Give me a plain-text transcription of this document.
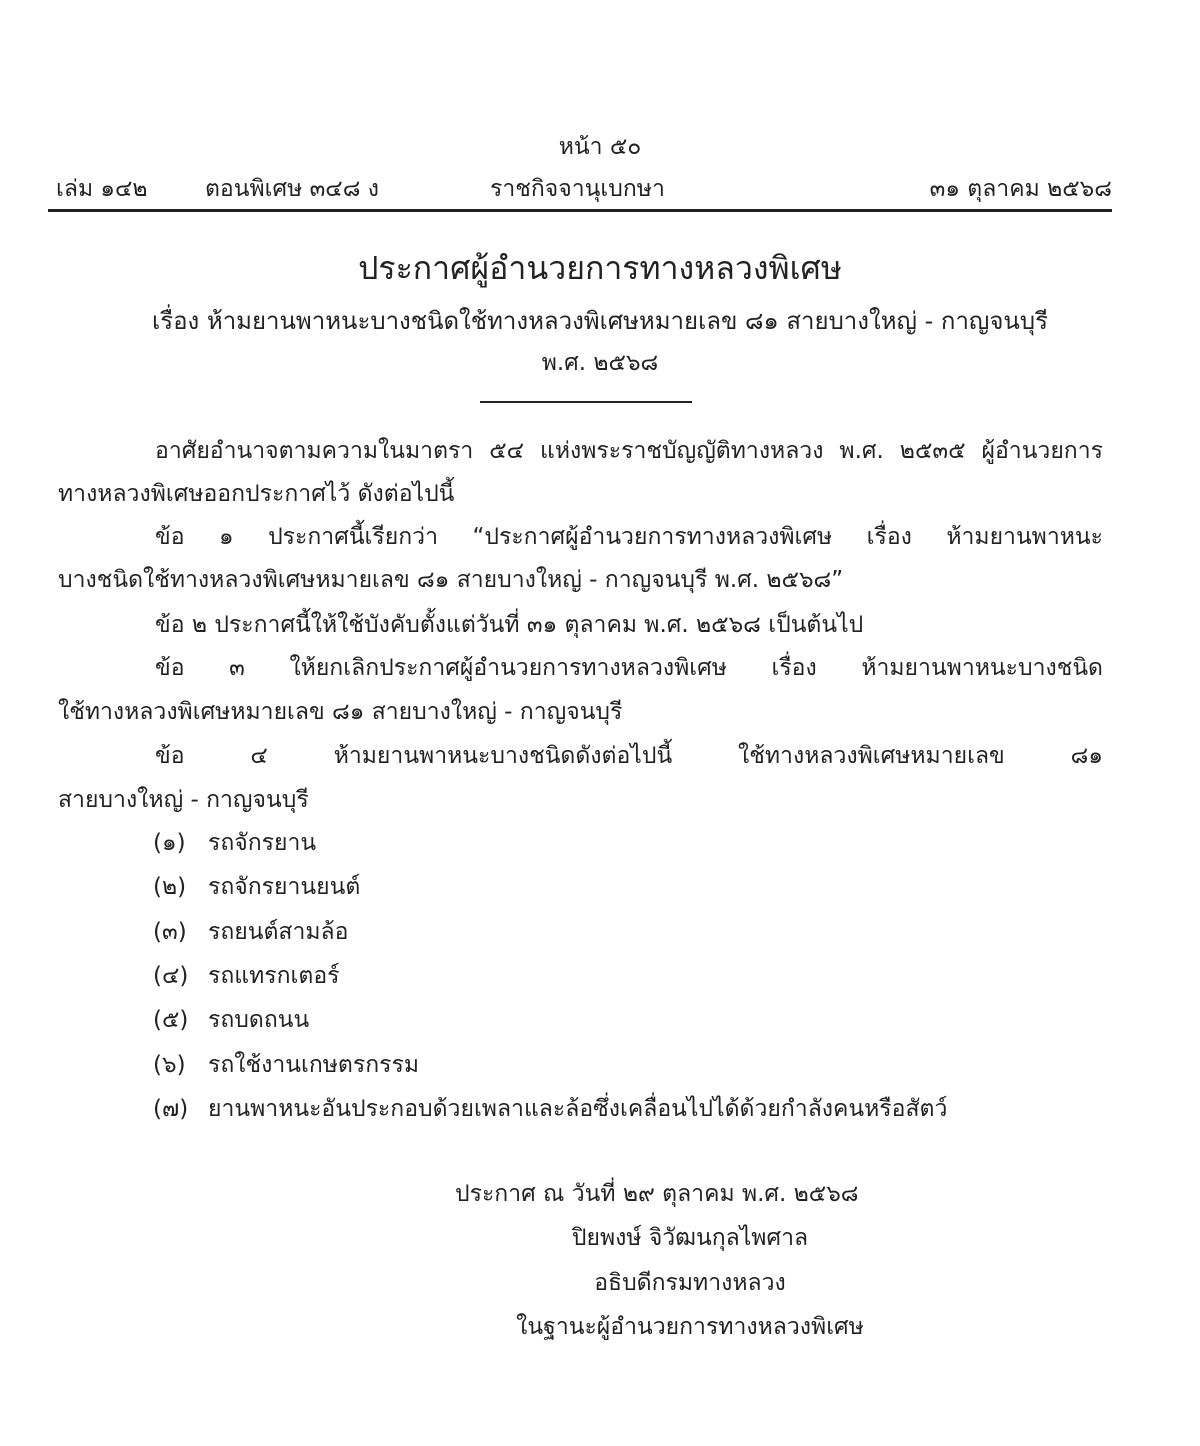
หน้า ๕๐
เล่ม ๑๔๒ ตอนพิเศษ ๓๔๘ ง	ราชกิจจานุเบกษา	๓๑ ตุลาคม ๒๕๖๘
ประกาศผู้อำนวยการทางหลวงพิเศษ
เรื่อง ห้ามยานพาหนะบางชนิดใช้ทางหลวงพิเศษหมายเลข ๘๑ สายบางใหญ่ - กาญจนบุรี
พ.ศ. ๒๕๖๘
อาศัยอำนาจตามความในมาตรา ๕๔ แห่งพระราชบัญญัติทางหลวง พ.ศ. ๒๕๓๕ ผู้อำนวยการ
ทางหลวงพิเศษออกประกาศไว้ ดังต่อไปนี้
ข้อ ๑ ประกาศนี้เรียกว่า “ประกาศผู้อำนวยการทางหลวงพิเศษ เรื่อง ห้ามยานพาหนะ
บางชนิดใช้ทางหลวงพิเศษหมายเลข ๘๑ สายบางใหญ่ - กาญจนบุรี พ.ศ. ๒๕๖๘”
ข้อ ๒ ประกาศนี้ให้ใช้บังคับตั้งแต่วันที่ ๓๑ ตุลาคม พ.ศ. ๒๕๖๘ เป็นต้นไป
ข้อ ๓ ให้ยกเลิกประกาศผู้อำนวยการทางหลวงพิเศษ เรื่อง ห้ามยานพาหนะบางชนิด
ใช้ทางหลวงพิเศษหมายเลข ๘๑ สายบางใหญ่ - กาญจนบุรี
ข้อ ๔ ห้ามยานพาหนะบางชนิดดังต่อไปนี้ ใช้ทางหลวงพิเศษหมายเลข ๘๑
สายบางใหญ่ - กาญจนบุรี
(๑) รถจักรยาน
(๒) รถจักรยานยนต์
(๓) รถยนต์สามล้อ
(๔) รถแทรกเตอร์
(๕) รถบดถนน
(๖) รถใช้งานเกษตรกรรม
(๗) ยานพาหนะอันประกอบด้วยเพลาและล้อซึ่งเคลื่อนไปได้ด้วยกำลังคนหรือสัตว์
ประกาศ ณ วันที่ ๒๙ ตุลาคม พ.ศ. ๒๕๖๘
ปิยพงษ์ จิวัฒนกุลไพศาล
อธิบดีกรมทางหลวง
ในฐานะผู้อำนวยการทางหลวงพิเศษ
